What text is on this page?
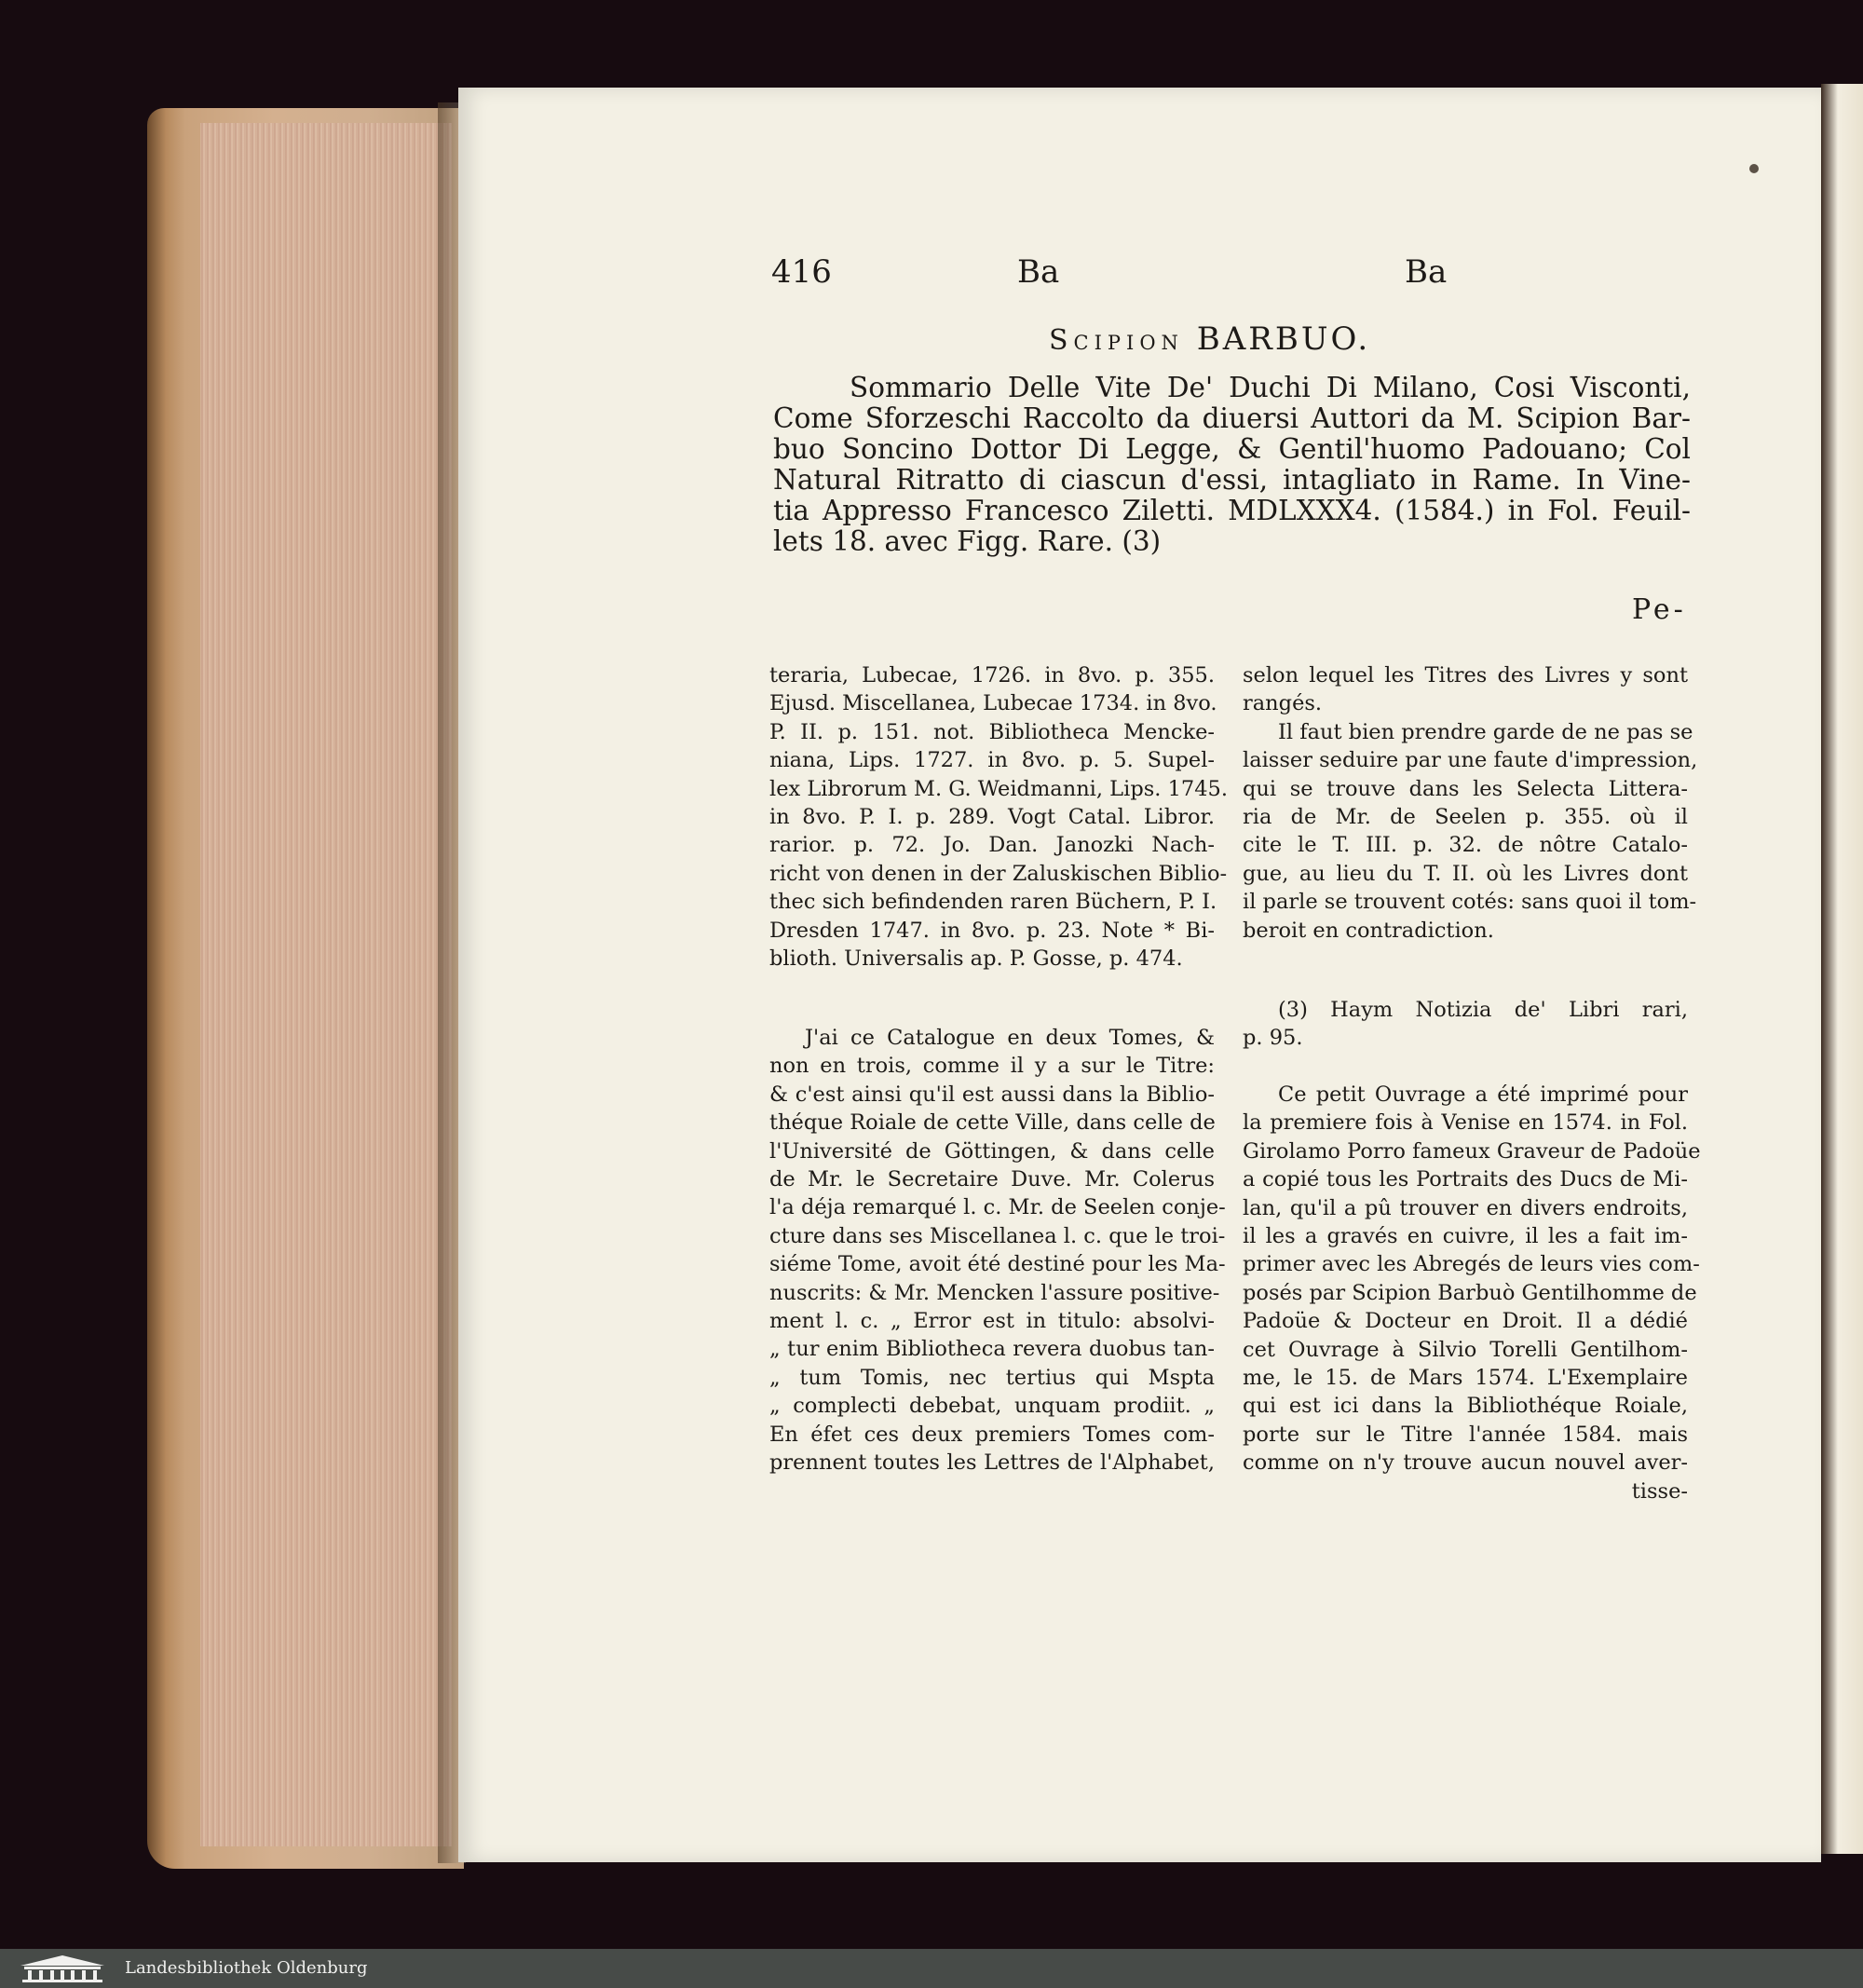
416	Ba	Ba
Scipion BARBUO.
Sommario Delle Vite De' Duchi Di Milano, Cosi Visconti,
Come Sforzeschi Raccolto da diuersi Auttori da M. Scipion Bar-
buo Soncino Dottor Di Legge, & Gentil'huomo Padouano; Col
Natural Ritratto di ciascun d'essi, intagliato in Rame. In Vine-
tia Appresso Francesco Ziletti. MDLXXX4. (1584.) in Fol. Feuil-
lets 18. avec Figg. Rare. (3)
Pe-
teraria, Lubecae, 1726. in 8vo. p. 355.
Ejusd. Miscellanea, Lubecae 1734. in 8vo.
P. II. p. 151. not. Bibliotheca Mencke-
niana, Lips. 1727. in 8vo. p. 5. Supel-
lex Librorum M. G. Weidmanni, Lips. 1745.
in 8vo. P. I. p. 289. Vogt Catal. Libror.
rarior. p. 72. Jo. Dan. Janozki Nach-
richt von denen in der Zaluskischen Biblio-
thec sich befindenden raren Büchern, P. I.
Dresden 1747. in 8vo. p. 23. Note * Bi-
blioth. Universalis ap. P. Gosse, p. 474.
J'ai ce Catalogue en deux Tomes, &
non en trois, comme il y a sur le Titre:
& c'est ainsi qu'il est aussi dans la Biblio-
théque Roiale de cette Ville, dans celle de
l'Université de Göttingen, & dans celle
de Mr. le Secretaire Duve. Mr. Colerus
l'a déja remarqué l. c. Mr. de Seelen conje-
cture dans ses Miscellanea l. c. que le troi-
siéme Tome, avoit été destiné pour les Ma-
nuscrits: & Mr. Mencken l'assure positive-
ment l. c. „ Error est in titulo: absolvi-
„ tur enim Bibliotheca revera duobus tan-
„ tum Tomis, nec tertius qui Mspta
„ complecti debebat, unquam prodiit. „
En éfet ces deux premiers Tomes com-
prennent toutes les Lettres de l'Alphabet,
selon lequel les Titres des Livres y sont
rangés.
Il faut bien prendre garde de ne pas se
laisser seduire par une faute d'impression,
qui se trouve dans les Selecta Littera-
ria de Mr. de Seelen p. 355. où il
cite le T. III. p. 32. de nôtre Catalo-
gue, au lieu du T. II. où les Livres dont
il parle se trouvent cotés: sans quoi il tom-
beroit en contradiction.
(3) Haym Notizia de' Libri rari,
p. 95.
Ce petit Ouvrage a été imprimé pour
la premiere fois à Venise en 1574. in Fol.
Girolamo Porro fameux Graveur de Padoüe
a copié tous les Portraits des Ducs de Mi-
lan, qu'il a pû trouver en divers endroits,
il les a gravés en cuivre, il les a fait im-
primer avec les Abregés de leurs vies com-
posés par Scipion Barbuò Gentilhomme de
Padoüe & Docteur en Droit. Il a dédié
cet Ouvrage à Silvio Torelli Gentilhom-
me, le 15. de Mars 1574. L'Exemplaire
qui est ici dans la Bibliothéque Roiale,
porte sur le Titre l'année 1584. mais
comme on n'y trouve aucun nouvel aver-
tisse-
Landesbibliothek Oldenburg
